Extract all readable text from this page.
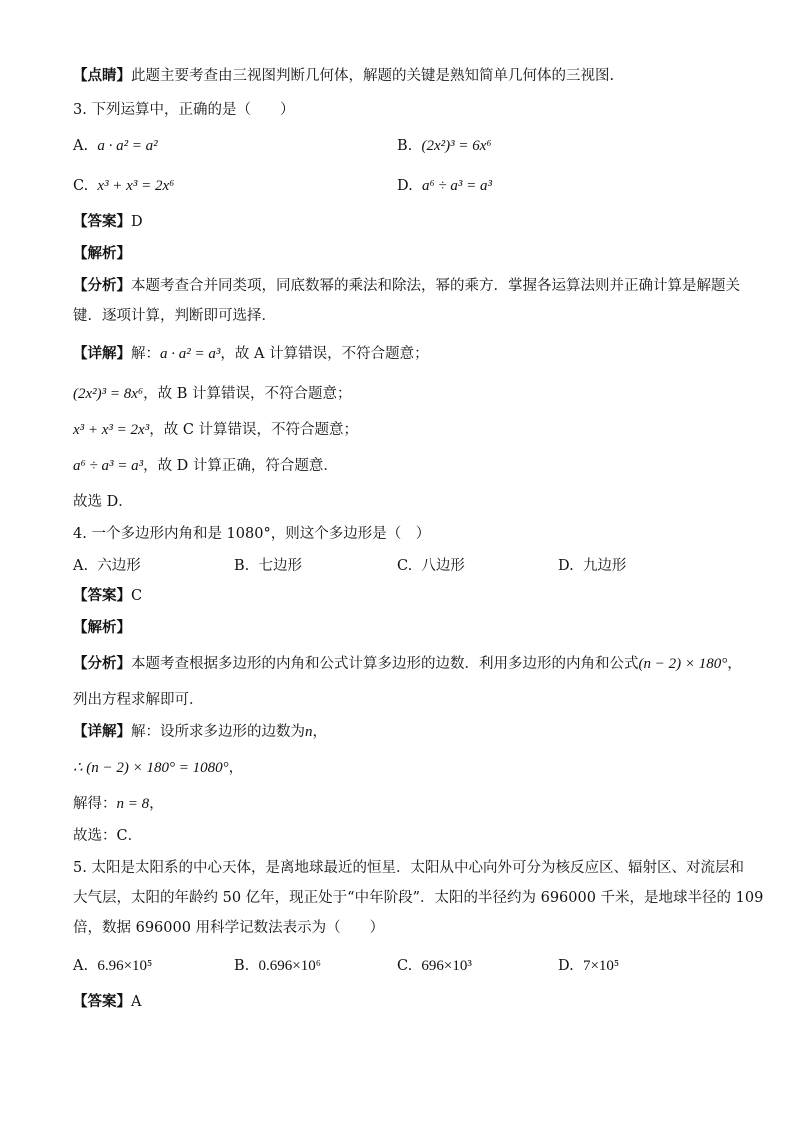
【点睛】此题主要考查由三视图判断几何体，解题的关键是熟知简单几何体的三视图.
3. 下列运算中，正确的是（　　）
A. a · a² = a²	B. (2x²)³ = 6x⁶
C. x³ + x³ = 2x⁶	D. a⁶ ÷ a³ = a³
【答案】D
【解析】
【分析】本题考查合并同类项，同底数幂的乘法和除法，幂的乘方．掌握各运算法则并正确计算是解题关
键．逐项计算，判断即可选择．
【详解】解：a · a² = a³，故 A 计算错误，不符合题意；
(2x²)³ = 8x⁶，故 B 计算错误，不符合题意；
x³ + x³ = 2x³，故 C 计算错误，不符合题意；
a⁶ ÷ a³ = a³，故 D 计算正确，符合题意．
故选 D．
4. 一个多边形内角和是 1080°，则这个多边形是（　）
A. 六边形	B. 七边形	C. 八边形	D. 九边形
【答案】C
【解析】
【分析】本题考查根据多边形的内角和公式计算多边形的边数．利用多边形的内角和公式(n − 2) × 180°，
列出方程求解即可．
【详解】解：设所求多边形的边数为n，
∴ (n − 2) × 180° = 1080°，
解得：n = 8，
故选：C．
5. 太阳是太阳系的中心天体，是离地球最近的恒星．太阳从中心向外可分为核反应区、辐射区、对流层和
大气层，太阳的年龄约 50 亿年，现正处于“中年阶段”．太阳的半径约为 696000 千米，是地球半径的 109
倍，数据 696000 用科学记数法表示为（　　）
A. 6.96×10⁵	B. 0.696×10⁶	C. 696×10³	D. 7×10⁵
【答案】A
